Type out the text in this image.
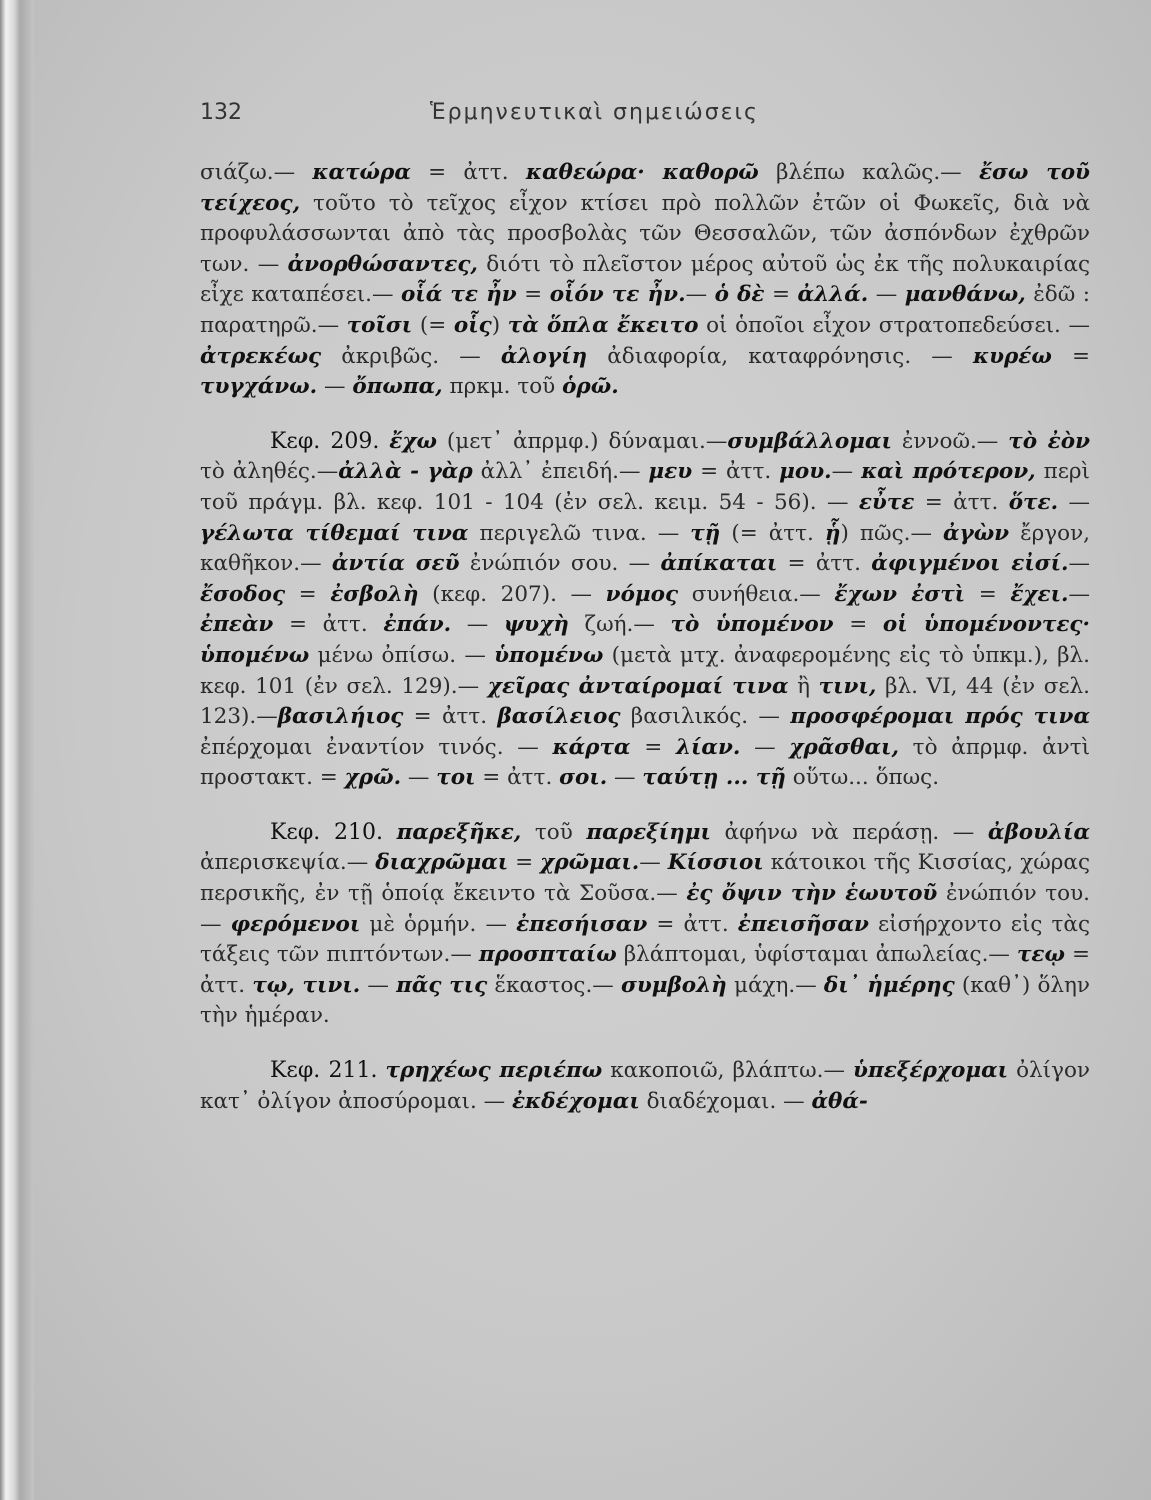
132	Ἑρμηνευτικαὶ σημειώσεις

σιάζω.— κατώρα = ἀττ. καθεώρα· καθορῶ βλέπω καλῶς.— ἔσω τοῦ τείχεος, τοῦτο τὸ τεῖχος εἶχον κτίσει πρὸ πολλῶν ἐτῶν οἱ Φωκεῖς, διὰ νὰ προφυλάσσωνται ἀπὸ τὰς προσβολὰς τῶν Θεσσαλῶν, τῶν ἀσπόνδων ἐχθρῶν των. — ἀνορθώσαντες, διότι τὸ πλεῖστον μέρος αὐτοῦ ὡς ἐκ τῆς πολυκαιρίας εἶχε καταπέσει.— οἷά τε ἦν = οἷόν τε ἦν.— ὁ δὲ = ἀλλά. — μανθάνω, ἐδῶ : παρατηρῶ.— τοῖσι (= οἷς) τὰ ὅπλα ἔκειτο οἱ ὁποῖοι εἶχον στρατοπεδεύσει. — ἀτρεκέως ἀκριβῶς. — ἀλογίη ἀδιαφορία, καταφρόνησις. — κυρέω = τυγχάνω. — ὄπωπα, πρκμ. τοῦ ὁρῶ.

Κεφ. 209. ἔχω (μετ᾽ ἀπρμφ.) δύναμαι.—συμβάλλομαι ἐννοῶ.— τὸ ἐὸν τὸ ἀληθές.—ἀλλὰ - γὰρ ἀλλ᾽ ἐπειδή.— μευ = ἀττ. μου.— καὶ πρότερον, περὶ τοῦ πράγμ. βλ. κεφ. 101 - 104 (ἐν σελ. κειμ. 54 - 56). — εὖτε = ἀττ. ὅτε. — γέλωτα τίθεμαί τινα περιγελῶ τινα. — τῇ (= ἀττ. ᾗ) πῶς.— ἀγὼν ἔργον, καθῆκον.— ἀντία σεῦ ἐνώπιόν σου. — ἀπίκαται = ἀττ. ἀφιγμένοι εἰσί.— ἔσοδος = ἐσβολὴ (κεφ. 207). — νόμος συνήθεια.— ἔχων ἐστὶ = ἔχει.— ἐπεὰν = ἀττ. ἐπάν. — ψυχὴ ζωή.— τὸ ὑπομένον = οἱ ὑπομένοντες· ὑπομένω μένω ὀπίσω. — ὑπομένω (μετὰ μτχ. ἀναφερομένης εἰς τὸ ὑπκμ.), βλ. κεφ. 101 (ἐν σελ. 129).— χεῖρας ἀνταίρομαί τινα ἢ τινι, βλ. VI, 44 (ἐν σελ. 123).—βασιλήιος = ἀττ. βασίλειος βασιλικός. — προσφέρομαι πρός τινα ἐπέρχομαι ἐναντίον τινός. — κάρτα = λίαν. — χρᾶσθαι, τὸ ἀπρμφ. ἀντὶ προστακτ. = χρῶ. — τοι = ἀττ. σοι. — ταύτῃ ... τῇ οὕτω... ὅπως.

Κεφ. 210. παρεξῆκε, τοῦ παρεξίημι ἀφήνω νὰ περάσῃ. — ἀβουλία ἀπερισκεψία.— διαχρῶμαι = χρῶμαι.— Κίσσιοι κάτοικοι τῆς Κισσίας, χώρας περσικῆς, ἐν τῇ ὁποίᾳ ἔκειντο τὰ Σοῦσα.— ἐς ὄψιν τὴν ἑωυτοῦ ἐνώπιόν του.— φερόμενοι μὲ ὁρμήν. — ἐπεσήισαν = ἀττ. ἐπεισῆσαν εἰσήρχοντο εἰς τὰς τάξεις τῶν πιπτόντων.— προσπταίω βλάπτομαι, ὑφίσταμαι ἀπωλείας.— τεῳ = ἀττ. τῳ, τινι. — πᾶς τις ἕκαστος.— συμβολὴ μάχη.— δι᾽ ἡμέρης (καθ᾽) ὅλην τὴν ἡμέραν.

Κεφ. 211. τρηχέως περιέπω κακοποιῶ, βλάπτω.— ὑπεξέρχομαι ὀλίγον κατ᾽ ὀλίγον ἀποσύρομαι. — ἐκδέχομαι διαδέχομαι. — ἀθά-
